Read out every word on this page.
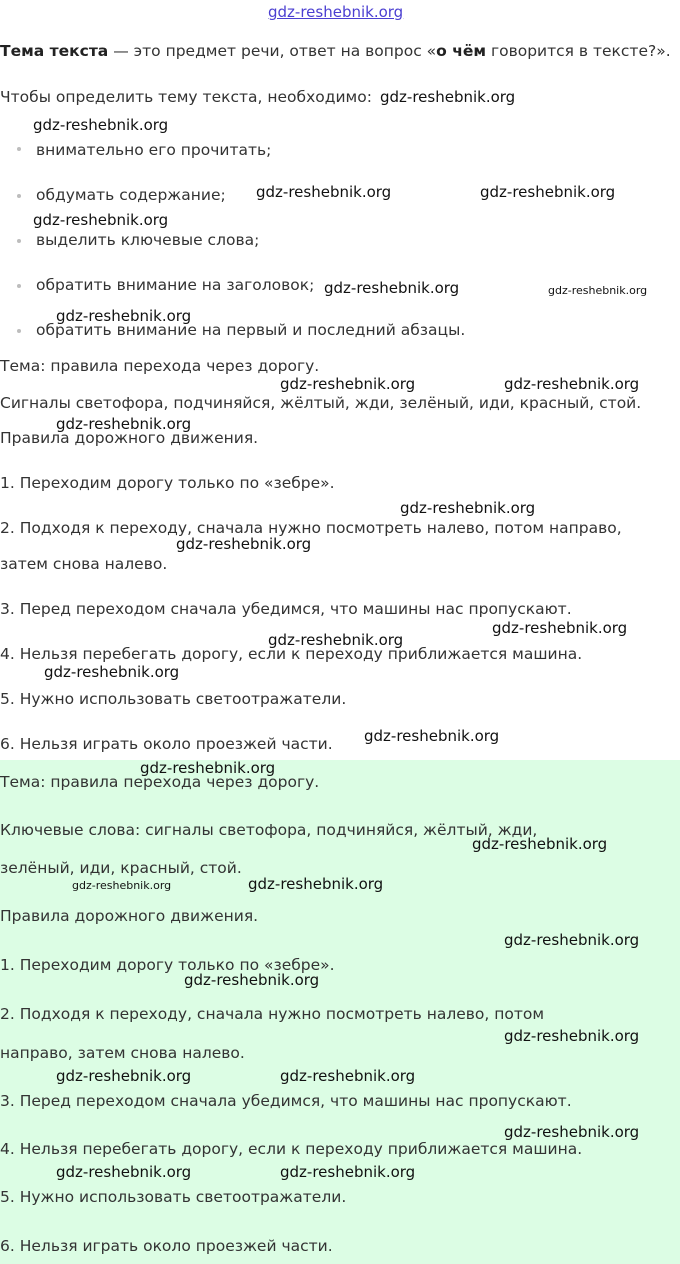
Тема текста — это предмет речи, ответ на вопрос «о чём говорится в тексте?».
Чтобы определить тему текста, необходимо:
внимательно его прочитать;
обдумать содержание;
выделить ключевые слова;
обратить внимание на заголовок;
обратить внимание на первый и последний абзацы.
Тема: правила перехода через дорогу.
Сигналы светофора, подчиняйся, жёлтый, жди, зелёный, иди, красный, стой.
Правила дорожного движения.
1. Переходим дорогу только по «зебре».
2. Подходя к переходу, сначала нужно посмотреть налево, потом направо,
затем снова налево.
3. Перед переходом сначала убедимся, что машины нас пропускают.
4. Нельзя перебегать дорогу, если к переходу приближается машина.
5. Нужно использовать светоотражатели.
6. Нельзя играть около проезжей части.
Тема: правила перехода через дорогу.
Ключевые слова: сигналы светофора, подчиняйся, жёлтый, жди,
зелёный, иди, красный, стой.
Правила дорожного движения.
1. Переходим дорогу только по «зебре».
2. Подходя к переходу, сначала нужно посмотреть налево, потом
направо, затем снова налево.
3. Перед переходом сначала убедимся, что машины нас пропускают.
4. Нельзя перебегать дорогу, если к переходу приближается машина.
5. Нужно использовать светоотражатели.
6. Нельзя играть около проезжей части.
gdz-reshebnik.org
gdz-reshebnik.org
gdz-reshebnik.org
gdz-reshebnik.org	gdz-reshebnik.org
gdz-reshebnik.org
gdz-reshebnik.org	gdz-reshebnik.org
gdz-reshebnik.org
gdz-reshebnik.org	gdz-reshebnik.org
gdz-reshebnik.org
gdz-reshebnik.org
gdz-reshebnik.org
gdz-reshebnik.org
gdz-reshebnik.org
gdz-reshebnik.org
gdz-reshebnik.org
gdz-reshebnik.org
gdz-reshebnik.org
gdz-reshebnik.org	gdz-reshebnik.org
gdz-reshebnik.org
gdz-reshebnik.org
gdz-reshebnik.org
gdz-reshebnik.org	gdz-reshebnik.org
gdz-reshebnik.org
gdz-reshebnik.org	gdz-reshebnik.org
